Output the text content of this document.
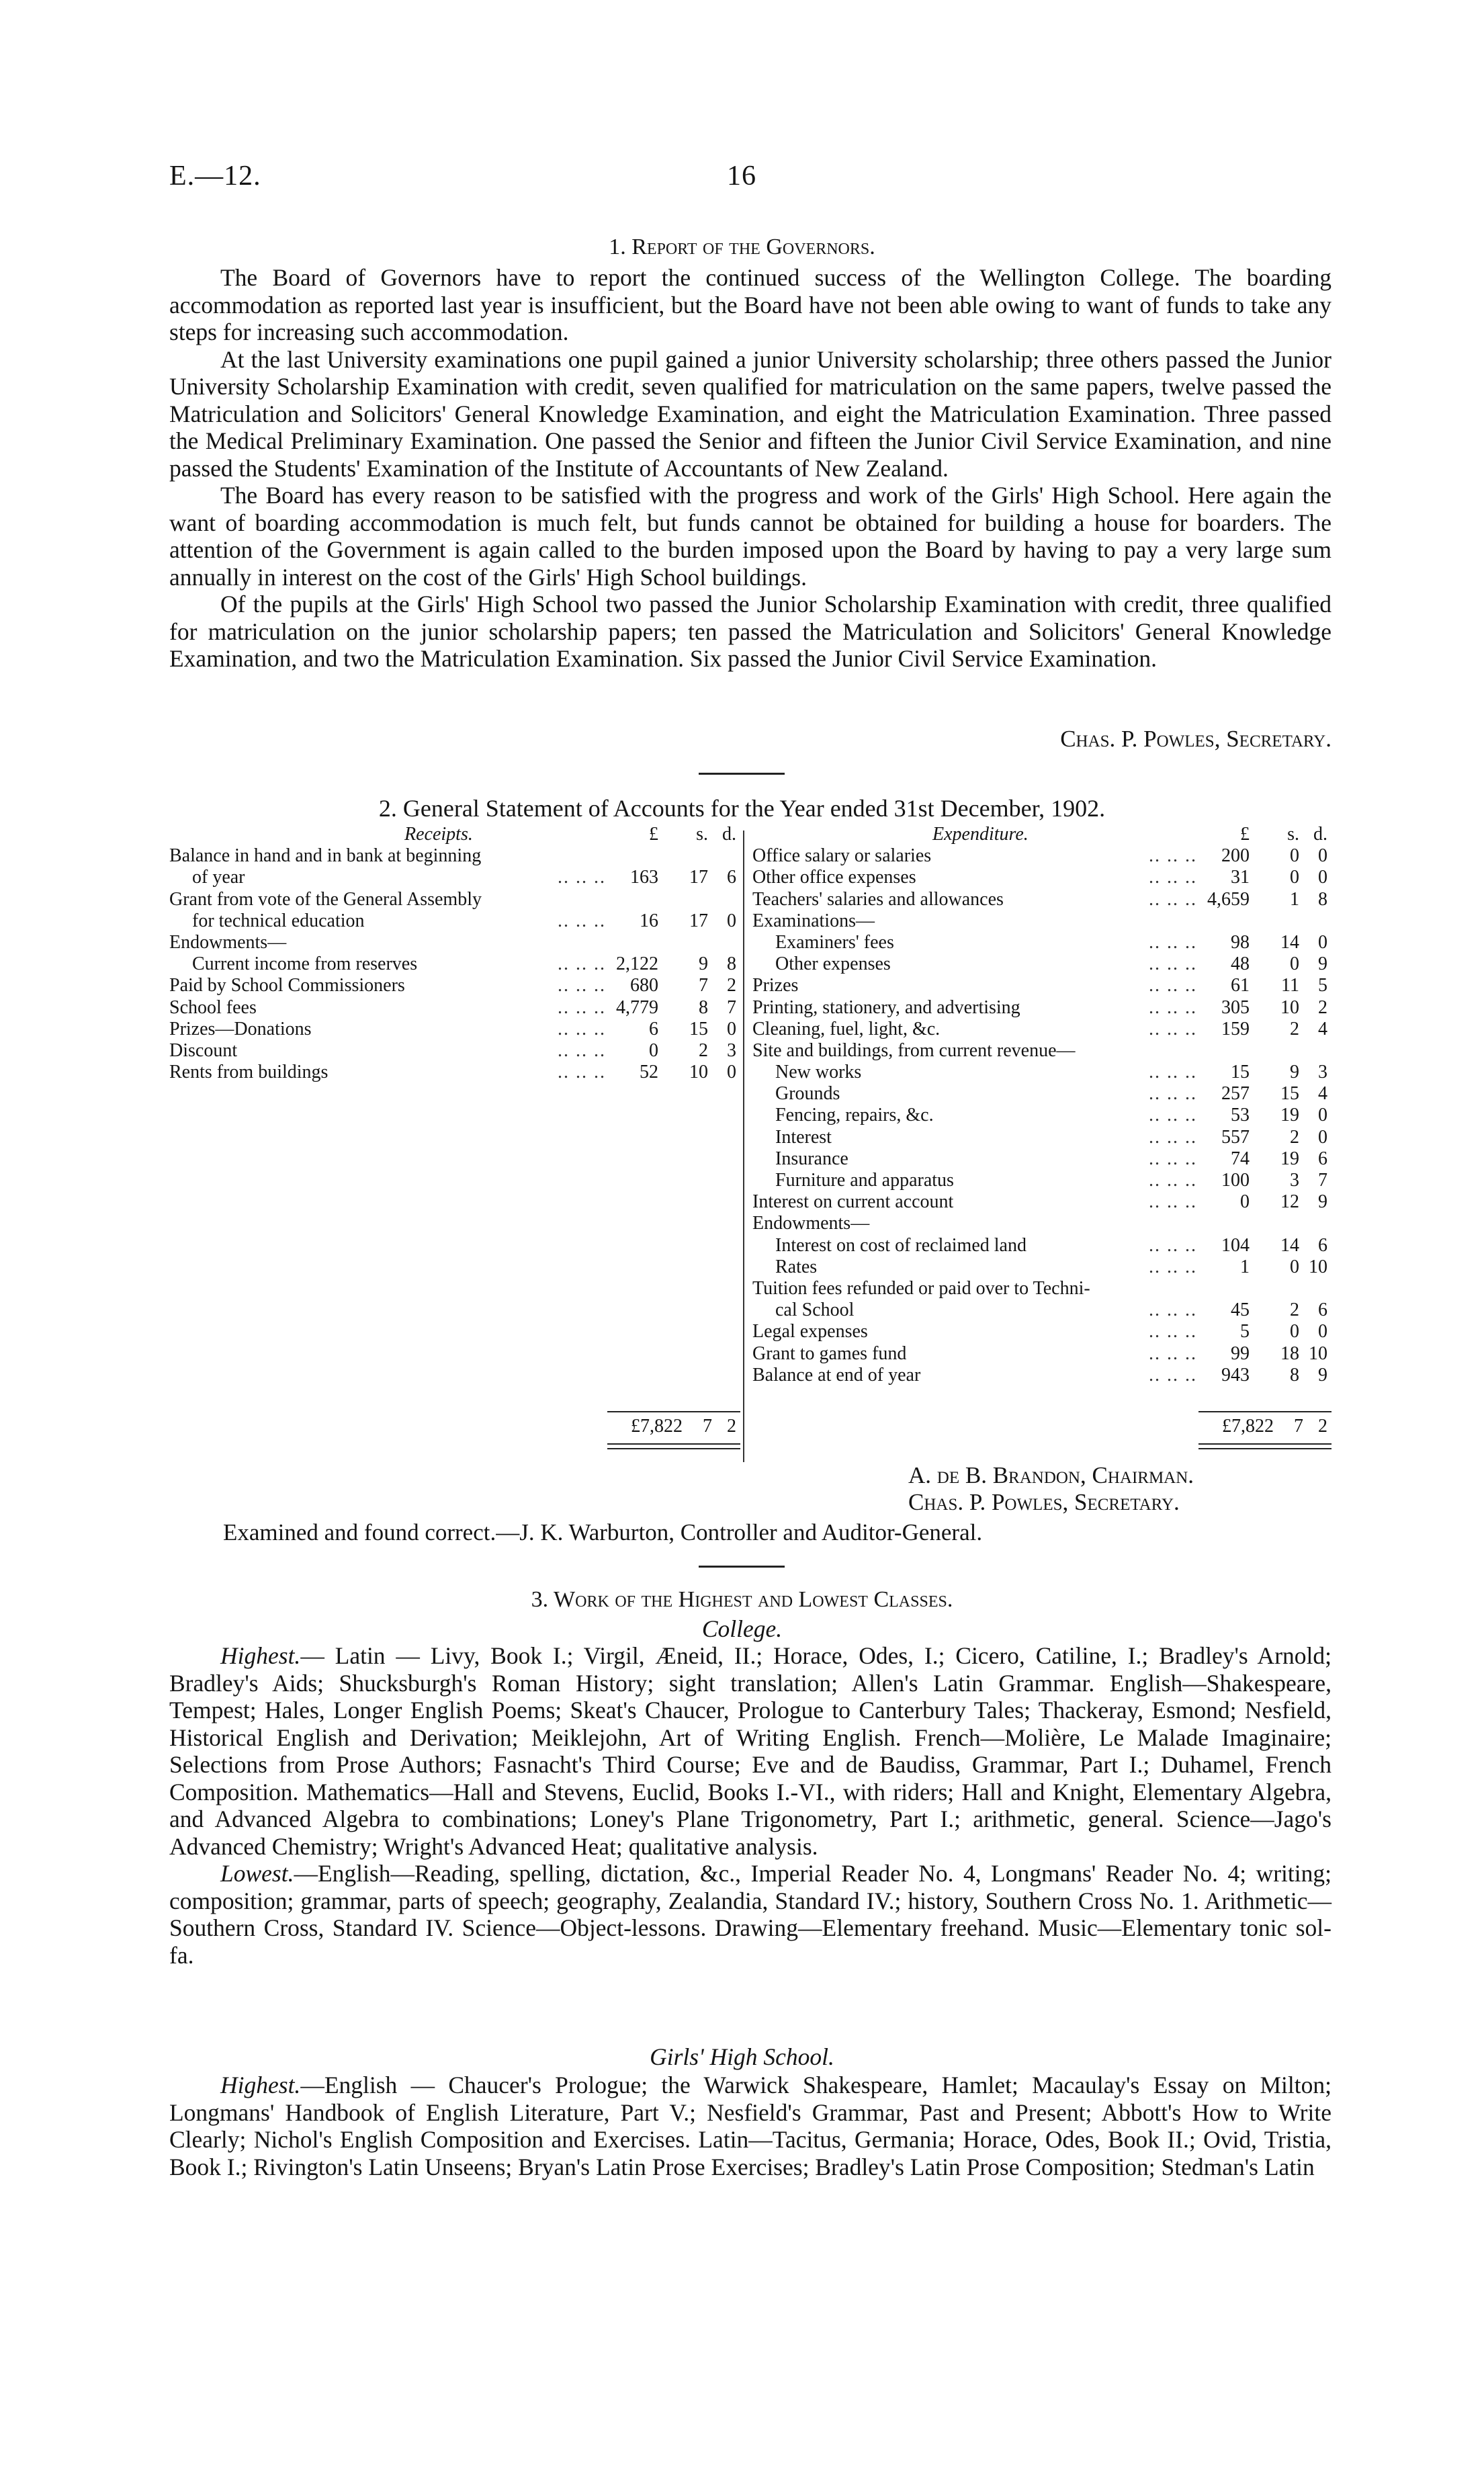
E.—12.	16
1. Report of the Governors.

The Board of Governors have to report the continued success of the Wellington College. The boarding accommodation as reported last year is insufficient, but the Board have not been able owing to want of funds to take any steps for increasing such accommodation.

At the last University examinations one pupil gained a junior University scholarship; three others passed the Junior University Scholarship Examination with credit, seven qualified for matriculation on the same papers, twelve passed the Matriculation and Solicitors' General Knowledge Examination, and eight the Matriculation Examination. Three passed the Medical Preliminary Examination. One passed the Senior and fifteen the Junior Civil Service Examination, and nine passed the Students' Examination of the Institute of Accountants of New Zealand.

The Board has every reason to be satisfied with the progress and work of the Girls' High School. Here again the want of boarding accommodation is much felt, but funds cannot be obtained for building a house for boarders. The attention of the Government is again called to the burden imposed upon the Board by having to pay a very large sum annually in interest on the cost of the Girls' High School buildings.

Of the pupils at the Girls' High School two passed the Junior Scholarship Examination with credit, three qualified for matriculation on the junior scholarship papers; ten passed the Matriculation and Solicitors' General Knowledge Examination, and two the Matriculation Examination. Six passed the Junior Civil Service Examination.

Chas. P. Powles, Secretary.
2. General Statement of Accounts for the Year ended 31st December, 1902.
Receipts.	£ s. d.
Balance in hand and in bank at beginning
of year	.. .. .. 163 17 6
Grant from vote of the General Assembly
for technical education	.. .. .. 16 17 0
Endowments—
Current income from reserves	.. .. .. 2,122 9 8
Paid by School Commissioners	.. .. .. 680 7 2
School fees	.. .. .. 4,779 8 7
Prizes—Donations	.. .. .. 6 15 0
Discount	.. .. .. 0 2 3
Rents from buildings	.. .. .. 52 10 0
Expenditure.	£ s. d.
Office salary or salaries	.. .. .. 200 0 0
Other office expenses	.. .. .. 31 0 0
Teachers' salaries and allowances	.. .. .. 4,659 1 8
Examinations—
Examiners' fees	.. .. .. 98 14 0
Other expenses	.. .. .. 48 0 9
Prizes	.. .. .. 61 11 5
Printing, stationery, and advertising	.. .. .. 305 10 2
Cleaning, fuel, light, &c.	.. .. .. 159 2 4
Site and buildings, from current revenue—
New works	.. .. .. 15 9 3
Grounds	.. .. .. 257 15 4
Fencing, repairs, &c.	.. .. .. 53 19 0
Interest	.. .. .. 557 2 0
Insurance	.. .. .. 74 19 6
Furniture and apparatus	.. .. .. 100 3 7
Interest on current account	.. .. .. 0 12 9
Endowments—
Interest on cost of reclaimed land	.. .. .. 104 14 6
Rates	.. .. .. 1 0 10
Tuition fees refunded or paid over to Techni-
cal School	.. .. .. 45 2 6
Legal expenses	.. .. .. 5 0 0
Grant to games fund	.. .. .. 99 18 10
Balance at end of year	.. .. .. 943 8 9
£7,822 7 2	£7,822 7 2
A. de B. Brandon, Chairman.
Chas. P. Powles, Secretary.
Examined and found correct.—J. K. Warburton, Controller and Auditor-General.
3. Work of the Highest and Lowest Classes.
College.

Highest.— Latin — Livy, Book I.; Virgil, Æneid, II.; Horace, Odes, I.; Cicero, Catiline, I.; Bradley's Arnold; Bradley's Aids; Shucksburgh's Roman History; sight translation; Allen's Latin Grammar. English—Shakespeare, Tempest; Hales, Longer English Poems; Skeat's Chaucer, Prologue to Canterbury Tales; Thackeray, Esmond; Nesfield, Historical English and Derivation; Meiklejohn, Art of Writing English. French—Molière, Le Malade Imaginaire; Selections from Prose Authors; Fasnacht's Third Course; Eve and de Baudiss, Grammar, Part I.; Duhamel, French Composition. Mathematics—Hall and Stevens, Euclid, Books I.-VI., with riders; Hall and Knight, Elementary Algebra, and Advanced Algebra to combinations; Loney's Plane Trigonometry, Part I.; arithmetic, general. Science—Jago's Advanced Chemistry; Wright's Advanced Heat; qualitative analysis.

Lowest.—English—Reading, spelling, dictation, &c., Imperial Reader No. 4, Longmans' Reader No. 4; writing; composition; grammar, parts of speech; geography, Zealandia, Standard IV.; history, Southern Cross No. 1. Arithmetic—Southern Cross, Standard IV. Science—Object-lessons. Drawing—Elementary freehand. Music—Elementary tonic sol-fa.

Girls' High School.

Highest.—English — Chaucer's Prologue; the Warwick Shakespeare, Hamlet; Macaulay's Essay on Milton; Longmans' Handbook of English Literature, Part V.; Nesfield's Grammar, Past and Present; Abbott's How to Write Clearly; Nichol's English Composition and Exercises. Latin—Tacitus, Germania; Horace, Odes, Book II.; Ovid, Tristia, Book I.; Rivington's Latin Unseens; Bryan's Latin Prose Exercises; Bradley's Latin Prose Composition; Stedman's Latin
